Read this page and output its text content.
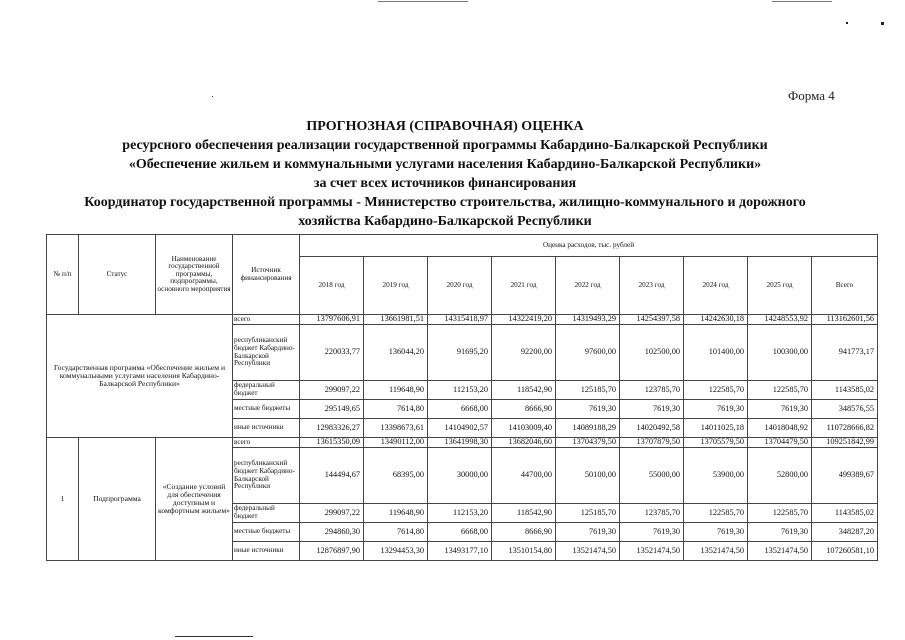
Форма 4
ПРОГНОЗНАЯ (СПРАВОЧНАЯ) ОЦЕНКА
ресурсного обеспечения реализации государственной программы Кабардино-Балкарской Республики
«Обеспечение жильем и коммунальными услугами населения Кабардино-Балкарской Республики»
за счет всех источников финансирования
Координатор государственной программы - Министерство строительства, жилищно-коммунального и дорожного
хозяйства Кабардино-Балкарской Республики
№ п/п	Статус	Наименование государственной программы, подпрограммы, основного мероприятия	Источник финансирования	Оценка расходов, тыс. рублей								
				2018 год	2019 год	2020 год	2021 год	2022 год	2023 год	2024 год	2025 год	Всего
Государственная программа «Обеспечение жильем и коммунальными услугами населения Кабардино-Балкарской Республики»			всего	13797606,91	13661981,51	14315418,97	14322419,20	14319493,29	14254397,58	14242630,18	14248553,92	113162601,56
			республиканский бюджет Кабардино-Балкарской Республики	220033,77	136044,20	91695,20	92200,00	97600,00	102500,00	101400,00	100300,00	941773,17
			федеральный бюджет	299097,22	119648,90	112153,20	118542,90	125185,70	123785,70	122585,70	122585,70	1143585,02
			местные бюджеты	295149,65	7614,80	6668,00	8666,90	7619,30	7619,30	7619,30	7619,30	348576,55
			иные источники	12983326,27	13398673,61	14104902,57	14103009,40	14089188,29	14020492,58	14011025,18	14018048,92	110728666,82
1	Подпрограмма	«Создание условий для обеспечения доступным и комфортным жильем»	всего	13615350,09	13490112,00	13641998,30	13682046,60	13704379,50	13707879,50	13705579,50	13704479,50	109251842,99
			республиканский бюджет Кабардино-Балкарской Республики	144494,67	68395,00	30000,00	44700,00	50100,00	55000,00	53900,00	52800,00	499389,67
			федеральный бюджет	299097,22	119648,90	112153,20	118542,90	125185,70	123785,70	122585,70	122585,70	1143585,02
			местные бюджеты	294860,30	7614,80	6668,00	8666,90	7619,30	7619,30	7619,30	7619,30	348287,20
			иные источники	12876897,90	13294453,30	13493177,10	13510154,80	13521474,50	13521474,50	13521474,50	13521474,50	107260581,10
